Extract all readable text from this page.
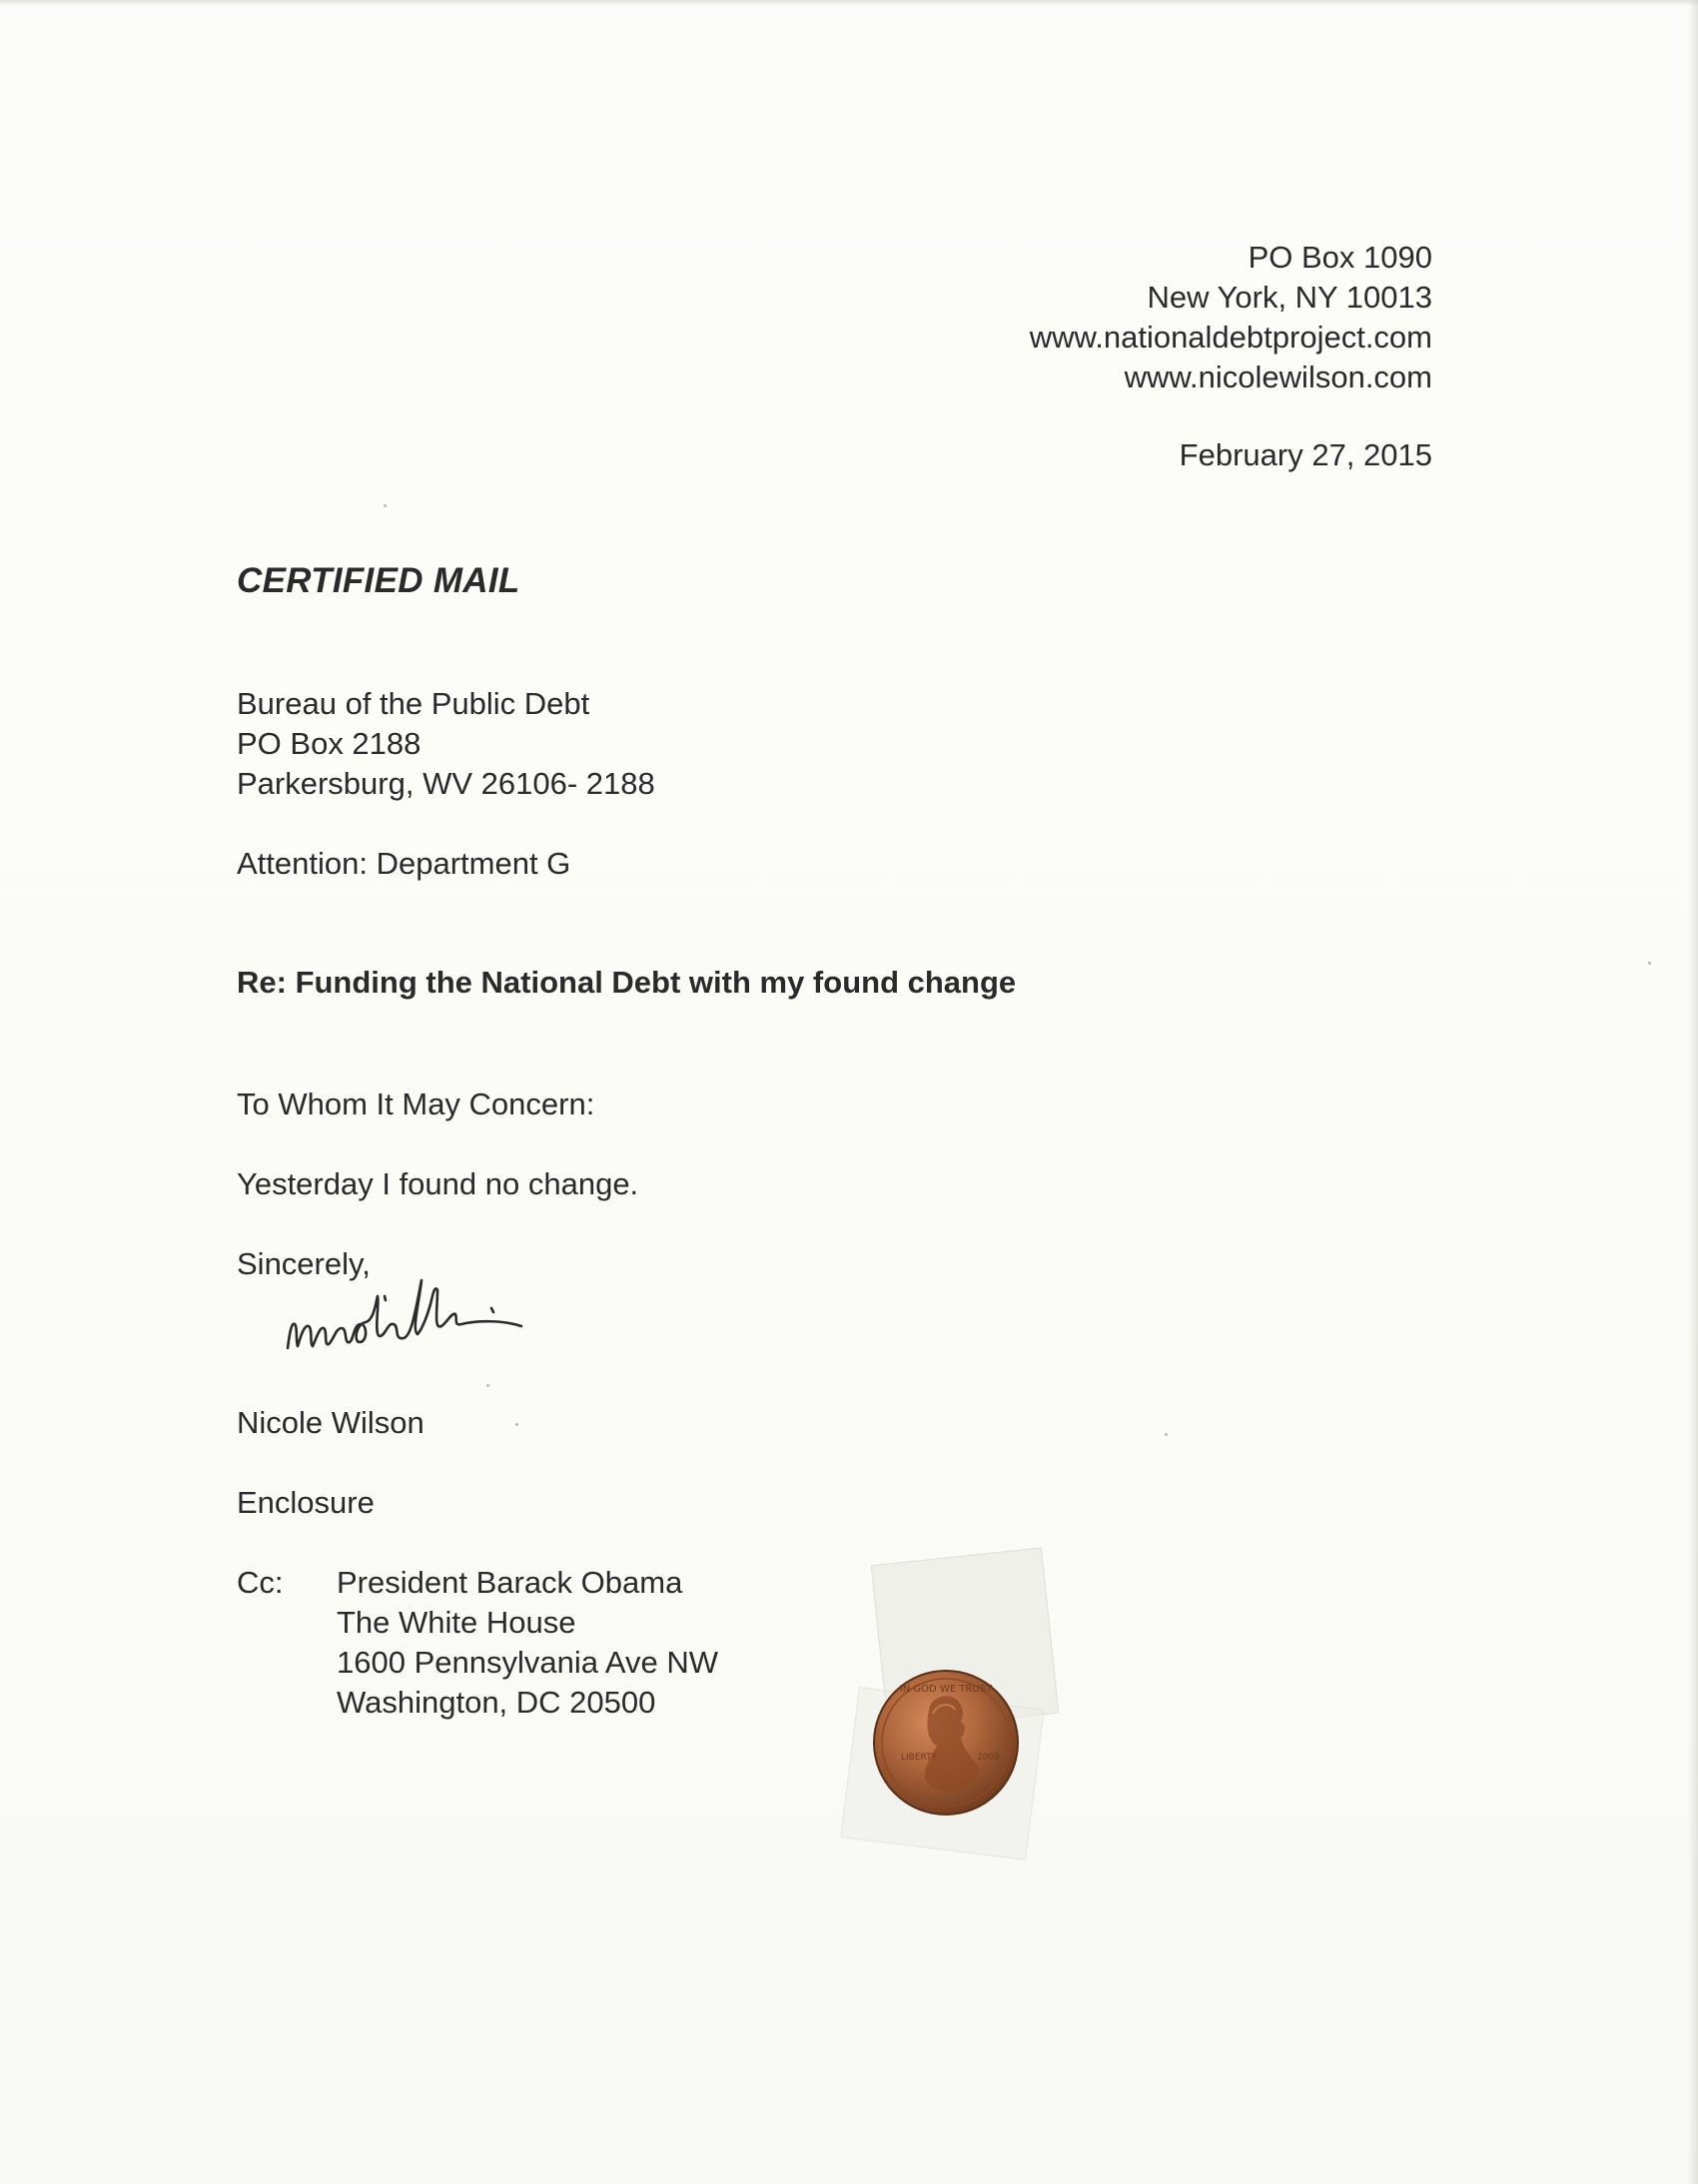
PO Box 1090
New York, NY 10013
www.nationaldebtproject.com
www.nicolewilson.com
February 27, 2015
CERTIFIED MAIL
Bureau of the Public Debt
PO Box 2188
Parkersburg, WV 26106- 2188
Attention: Department G
Re: Funding the National Debt with my found change
To Whom It May Concern:
Yesterday I found no change.
Sincerely,
Nicole Wilson
Enclosure
Cc: President Barack Obama
The White House
1600 Pennsylvania Ave NW
Washington, DC 20500	IN GOD WE TRUST
LIBERTY	2009
